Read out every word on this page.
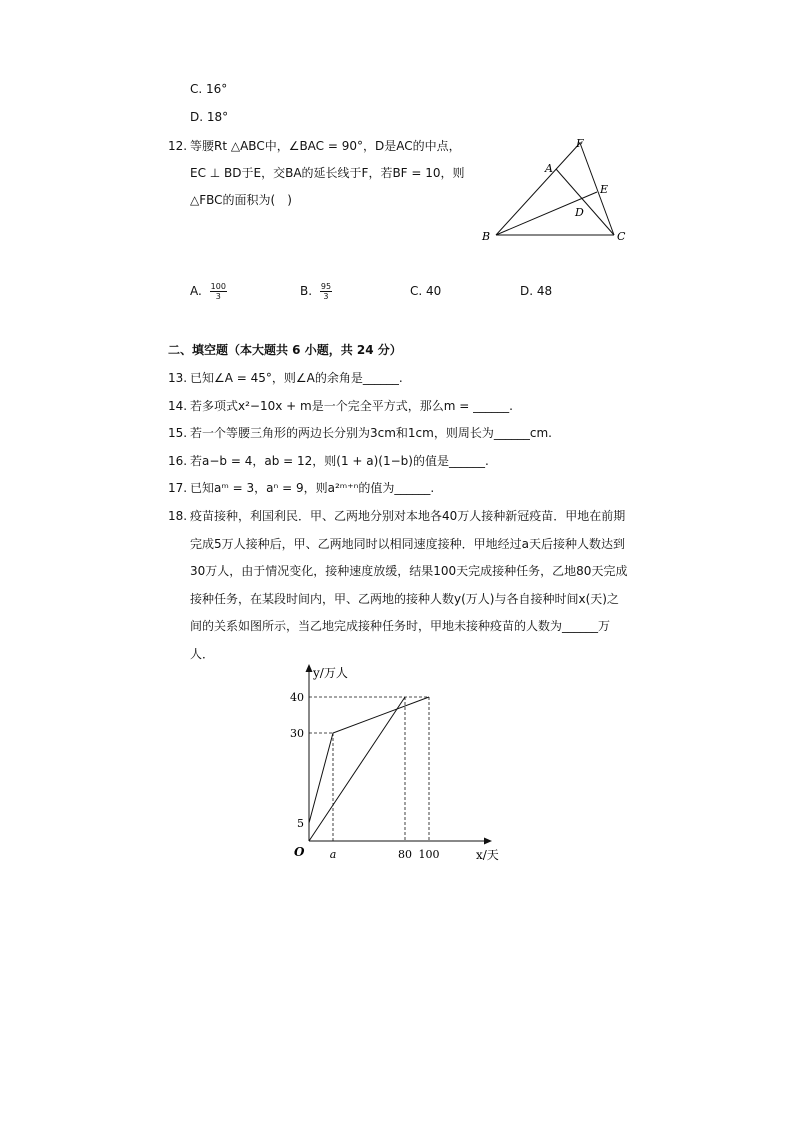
C. 16°
D. 18°
12. 等腰Rt △ABC中，∠BAC = 90°，D是AC的中点，
EC ⊥ BD于E，交BA的延长线于F，若BF = 10，则
△FBC的面积为(　)
F
A
E
D
B	C
A. $\frac{100}{3}$	B. $\frac{95}{3}$	C. 40	D. 48
二、填空题（本大题共 6 小题，共 24 分）
13. 已知∠A = 45°，则∠A的余角是______.
14. 若多项式x²−10x + m是一个完全平方式，那么m = ______.
15. 若一个等腰三角形的两边长分别为3cm和1cm，则周长为______cm.
16. 若a−b = 4，ab = 12，则(1 + a)(1−b)的值是______.
17. 已知aᵐ = 3，aⁿ = 9，则a²ᵐ⁺ⁿ的值为______.
18. 疫苗接种，利国利民．甲、乙两地分别对本地各40万人接种新冠疫苗．甲地在前期
完成5万人接种后，甲、乙两地同时以相同速度接种．甲地经过a天后接种人数达到
30万人，由于情况变化，接种速度放缓，结果100天完成接种任务，乙地80天完成
接种任务，在某段时间内，甲、乙两地的接种人数y(万人)与各自接种时间x(天)之
间的关系如图所示，当乙地完成接种任务时，甲地未接种疫苗的人数为______万
人．
a	80 100
5
30
40
O
y/万人
x/天
